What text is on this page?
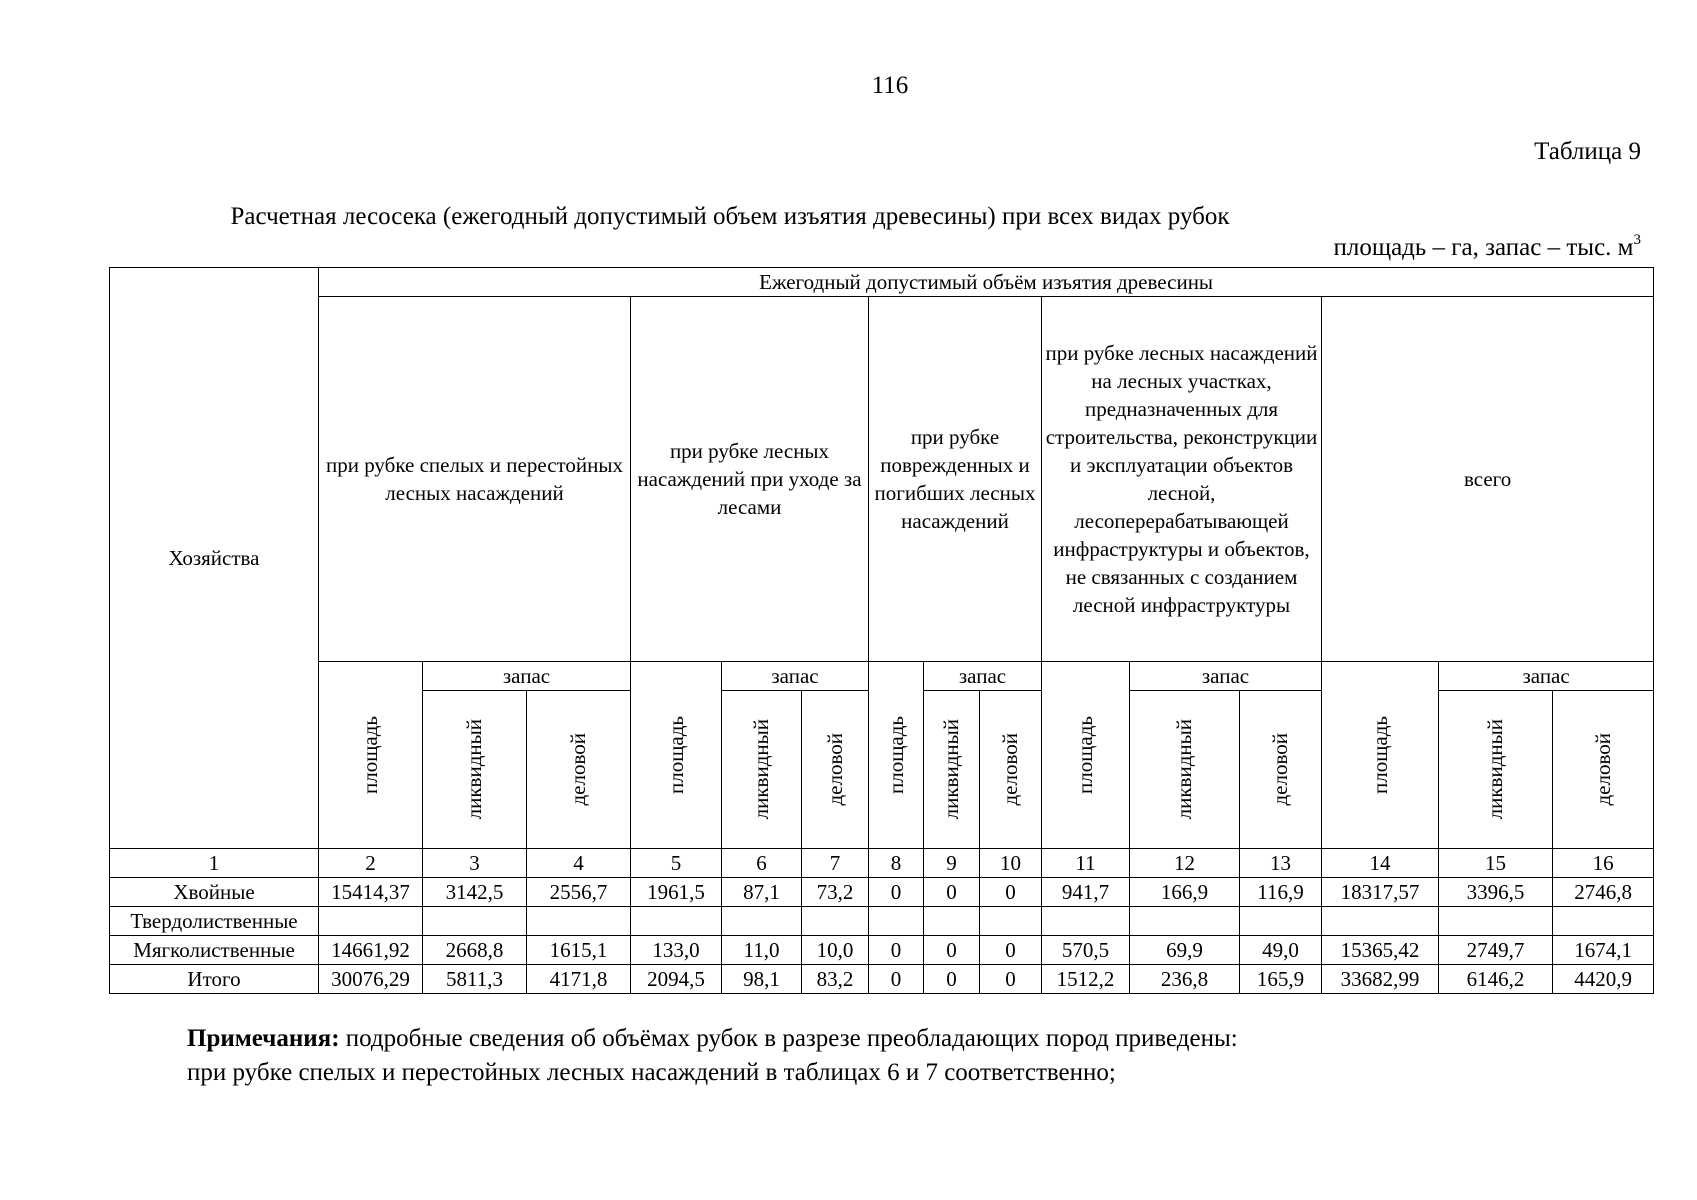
116
Таблица 9
Расчетная лесосека (ежегодный допустимый объем изъятия древесины) при всех видах рубок
площадь – га, запас – тыс. $м^3$
Хозяйства	Ежегодный допустимый объём изъятия древесины														

	при рубке спелых и перестойных лесных насаждений			при рубке лесных насаждений при уходе за лесами			при рубке поврежденных и погибших лесных насаждений			при рубке лесных насаждений на лесных участках, предназначенных для строительства, реконструкции и эксплуатации объектов лесной, лесоперерабатывающей инфраструктуры и объектов, не связанных с созданием лесной инфраструктуры			всего		

	площадь	запас		площадь	запас		площадь	запас		площадь	запас		площадь	запас	

		ликвидный	деловой		ликвидный	деловой		ликвидный	деловой		ликвидный	деловой		ликвидный	деловой

1	2	3	4	5	6	7	8	9	10	11	12	13	14	15	16
Хвойные	15414,37	3142,5	2556,7	1961,5	87,1	73,2	0	0	0	941,7	166,9	116,9	18317,57	3396,5	2746,8
Твердолиственные															
Мягколиственные	14661,92	2668,8	1615,1	133,0	11,0	10,0	0	0	0	570,5	69,9	49,0	15365,42	2749,7	1674,1
Итого	30076,29	5811,3	4171,8	2094,5	98,1	83,2	0	0	0	1512,2	236,8	165,9	33682,99	6146,2	4420,9
Примечания: подробные сведения об объёмах рубок в разрезе преобладающих пород приведены:
при рубке спелых и перестойных лесных насаждений в таблицах 6 и 7 соответственно;
